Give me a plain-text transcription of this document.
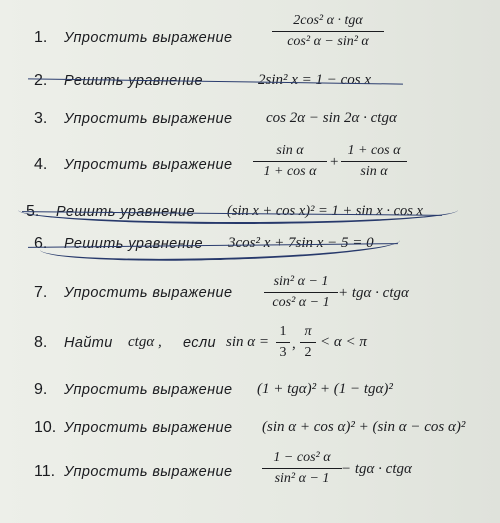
1.	Упростить выражение
2cos² α · tgα
cos² α − sin² α
2.	Решить уравнение	2sin² x = 1 − cos x
3.	Упростить выражение cos 2α − sin 2α · ctgα
4.	Упростить выражение
sin α
1 + cos α
+
1 + cos α
sin α
5.	Решить уравнение (sin x + cos x)² = 1 + sin x · cos x
6.	Решить уравнение 3cos² x + 7sin x − 5 = 0
7.	Упростить выражение
sin² α − 1
cos² α − 1
+ tgα · ctgα
8.	Найти ctgα , если sin α =
1
3
,
π
2
< α < π
9.	Упростить выражение (1 + tgα)² + (1 − tgα)²
10. Упростить выражение (sin α + cos α)² + (sin α − cos α)²
11. Упростить выражение
1 − cos² α
sin² α − 1
− tgα · ctgα
